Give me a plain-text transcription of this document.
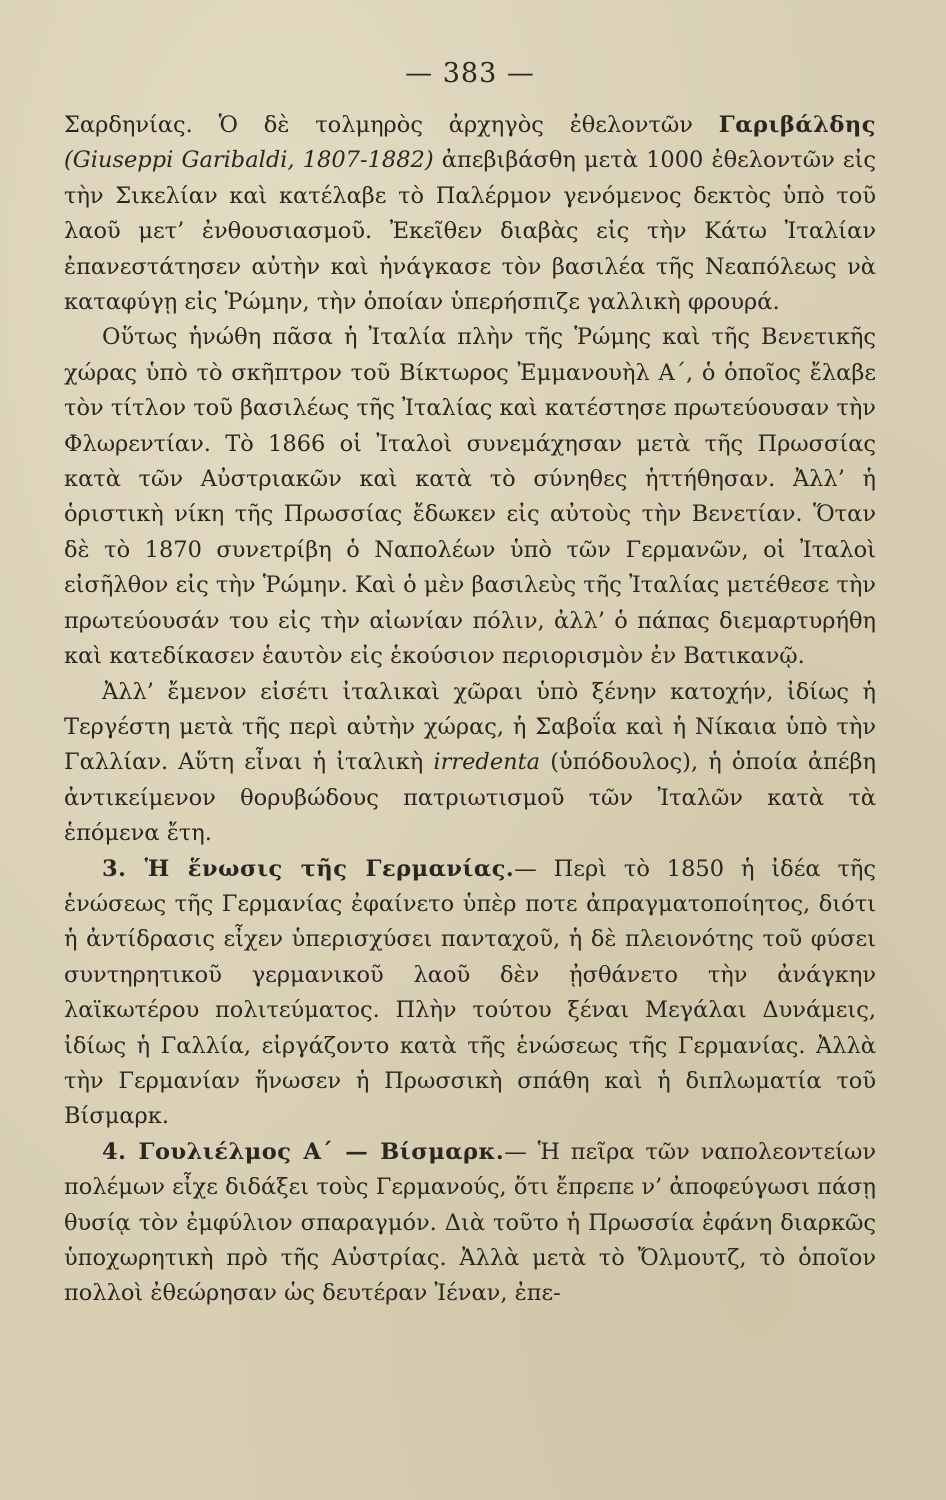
— 383 —

Σαρδηνίας. Ὁ δὲ τολμηρὸς ἀρχηγὸς ἐθελοντῶν Γαριβάλδης (Giuseppi Garibaldi, 1807-1882) ἀπεβιβάσθη μετὰ 1000 ἐθελοντῶν εἰς τὴν Σικελίαν καὶ κατέλαβε τὸ Παλέρμον γενόμενος δεκτὸς ὑπὸ τοῦ λαοῦ μετ’ ἐνθουσιασμοῦ. Ἐκεῖθεν διαβὰς εἰς τὴν Κάτω Ἰταλίαν ἐπανεστάτησεν αὐτὴν καὶ ἠνάγκασε τὸν βασιλέα τῆς Νεαπόλεως νὰ καταφύγῃ εἰς Ῥώμην, τὴν ὁποίαν ὑπερήσπιζε γαλλικὴ φρουρά.

Οὕτως ἡνώθη πᾶσα ἡ Ἰταλία πλὴν τῆς Ῥώμης καὶ τῆς Βενετικῆς χώρας ὑπὸ τὸ σκῆπτρον τοῦ Βίκτωρος Ἐμμανουὴλ Α΄, ὁ ὁποῖος ἔλαβε τὸν τίτλον τοῦ βασιλέως τῆς Ἰταλίας καὶ κατέστησε πρωτεύουσαν τὴν Φλωρεντίαν. Τὸ 1866 οἱ Ἰταλοὶ συνεμάχησαν μετὰ τῆς Πρωσσίας κατὰ τῶν Αὐστριακῶν καὶ κατὰ τὸ σύνηθες ἡττήθησαν. Ἀλλ’ ἡ ὁριστικὴ νίκη τῆς Πρωσσίας ἔδωκεν εἰς αὐτοὺς τὴν Βενετίαν. Ὅταν δὲ τὸ 1870 συνετρίβη ὁ Ναπολέων ὑπὸ τῶν Γερμανῶν, οἱ Ἰταλοὶ εἰσῆλθον εἰς τὴν Ῥώμην. Καὶ ὁ μὲν βασιλεὺς τῆς Ἰταλίας μετέθεσε τὴν πρωτεύουσάν του εἰς τὴν αἰωνίαν πόλιν, ἀλλ’ ὁ πάπας διεμαρτυρήθη καὶ κατεδίκασεν ἑαυτὸν εἰς ἑκούσιον περιορισμὸν ἐν Βατικανῷ.

Ἀλλ’ ἔμενον εἰσέτι ἰταλικαὶ χῶραι ὑπὸ ξένην κατοχήν, ἰδίως ἡ Τεργέστη μετὰ τῆς περὶ αὐτὴν χώρας, ἡ Σαβοΐα καὶ ἡ Νίκαια ὑπὸ τὴν Γαλλίαν. Αὕτη εἶναι ἡ ἰταλικὴ irredenta (ὑπόδουλος), ἡ ὁποία ἀπέβη ἀντικείμενον θορυβώδους πατριωτισμοῦ τῶν Ἰταλῶν κατὰ τὰ ἑπόμενα ἔτη.

3. Ἡ ἕνωσις τῆς Γερμανίας.— Περὶ τὸ 1850 ἡ ἰδέα τῆς ἑνώσεως τῆς Γερμανίας ἐφαίνετο ὑπὲρ ποτε ἀπραγματοποίητος, διότι ἡ ἀντίδρασις εἶχεν ὑπερισχύσει πανταχοῦ, ἡ δὲ πλειονότης τοῦ φύσει συντηρητικοῦ γερμανικοῦ λαοῦ δὲν ᾐσθάνετο τὴν ἀνάγκην λαϊκωτέρου πολιτεύματος. Πλὴν τούτου ξέναι Μεγάλαι Δυνάμεις, ἰδίως ἡ Γαλλία, εἰργάζοντο κατὰ τῆς ἑνώσεως τῆς Γερμανίας. Ἀλλὰ τὴν Γερμανίαν ἥνωσεν ἡ Πρωσσικὴ σπάθη καὶ ἡ διπλωματία τοῦ Βίσμαρκ.

4. Γουλιέλμος Α΄ — Βίσμαρκ.— Ἡ πεῖρα τῶν ναπολεοντείων πολέμων εἶχε διδάξει τοὺς Γερμανούς, ὅτι ἔπρεπε ν’ ἀποφεύγωσι πάσῃ θυσίᾳ τὸν ἐμφύλιον σπαραγμόν. Διὰ τοῦτο ἡ Πρωσσία ἐφάνη διαρκῶς ὑποχωρητικὴ πρὸ τῆς Αὐστρίας. Ἀλλὰ μετὰ τὸ Ὄλμουτζ, τὸ ὁποῖον πολλοὶ ἐθεώρησαν ὡς δευτέραν Ἰέναν, ἐπε-
